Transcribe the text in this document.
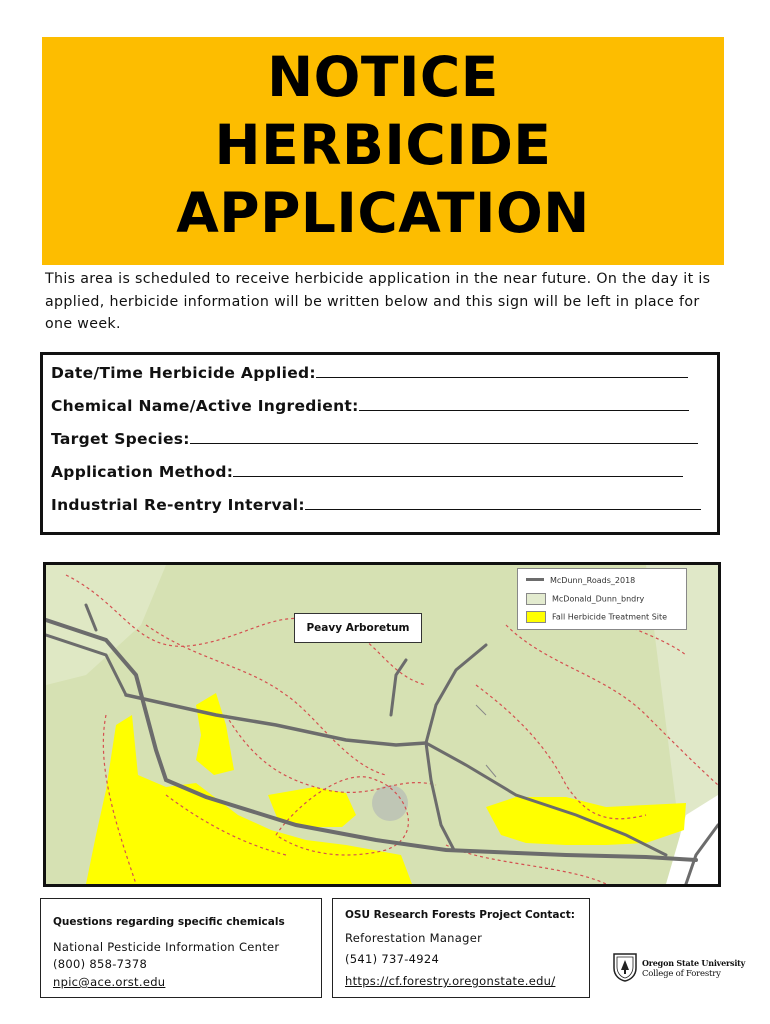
NOTICE
HERBICIDE
APPLICATION
This area is scheduled to receive herbicide application in the near future. On the day it is applied, herbicide information will be written below and this sign will be left in place for one week.
Date/Time Herbicide Applied:
Chemical Name/Active Ingredient:
Target Species:
Application Method:
Industrial Re-entry Interval:
McDunn_Roads_2018
McDonald_Dunn_bndry
Fall Herbicide Treatment Site
Peavy Arboretum
Questions regarding specific chemicals
National Pesticide Information Center
(800) 858-7378
npic@ace.orst.edu
OSU Research Forests Project Contact:
Reforestation Manager
(541) 737-4924
https://cf.forestry.oregonstate.edu/
Oregon State University
College of Forestry
